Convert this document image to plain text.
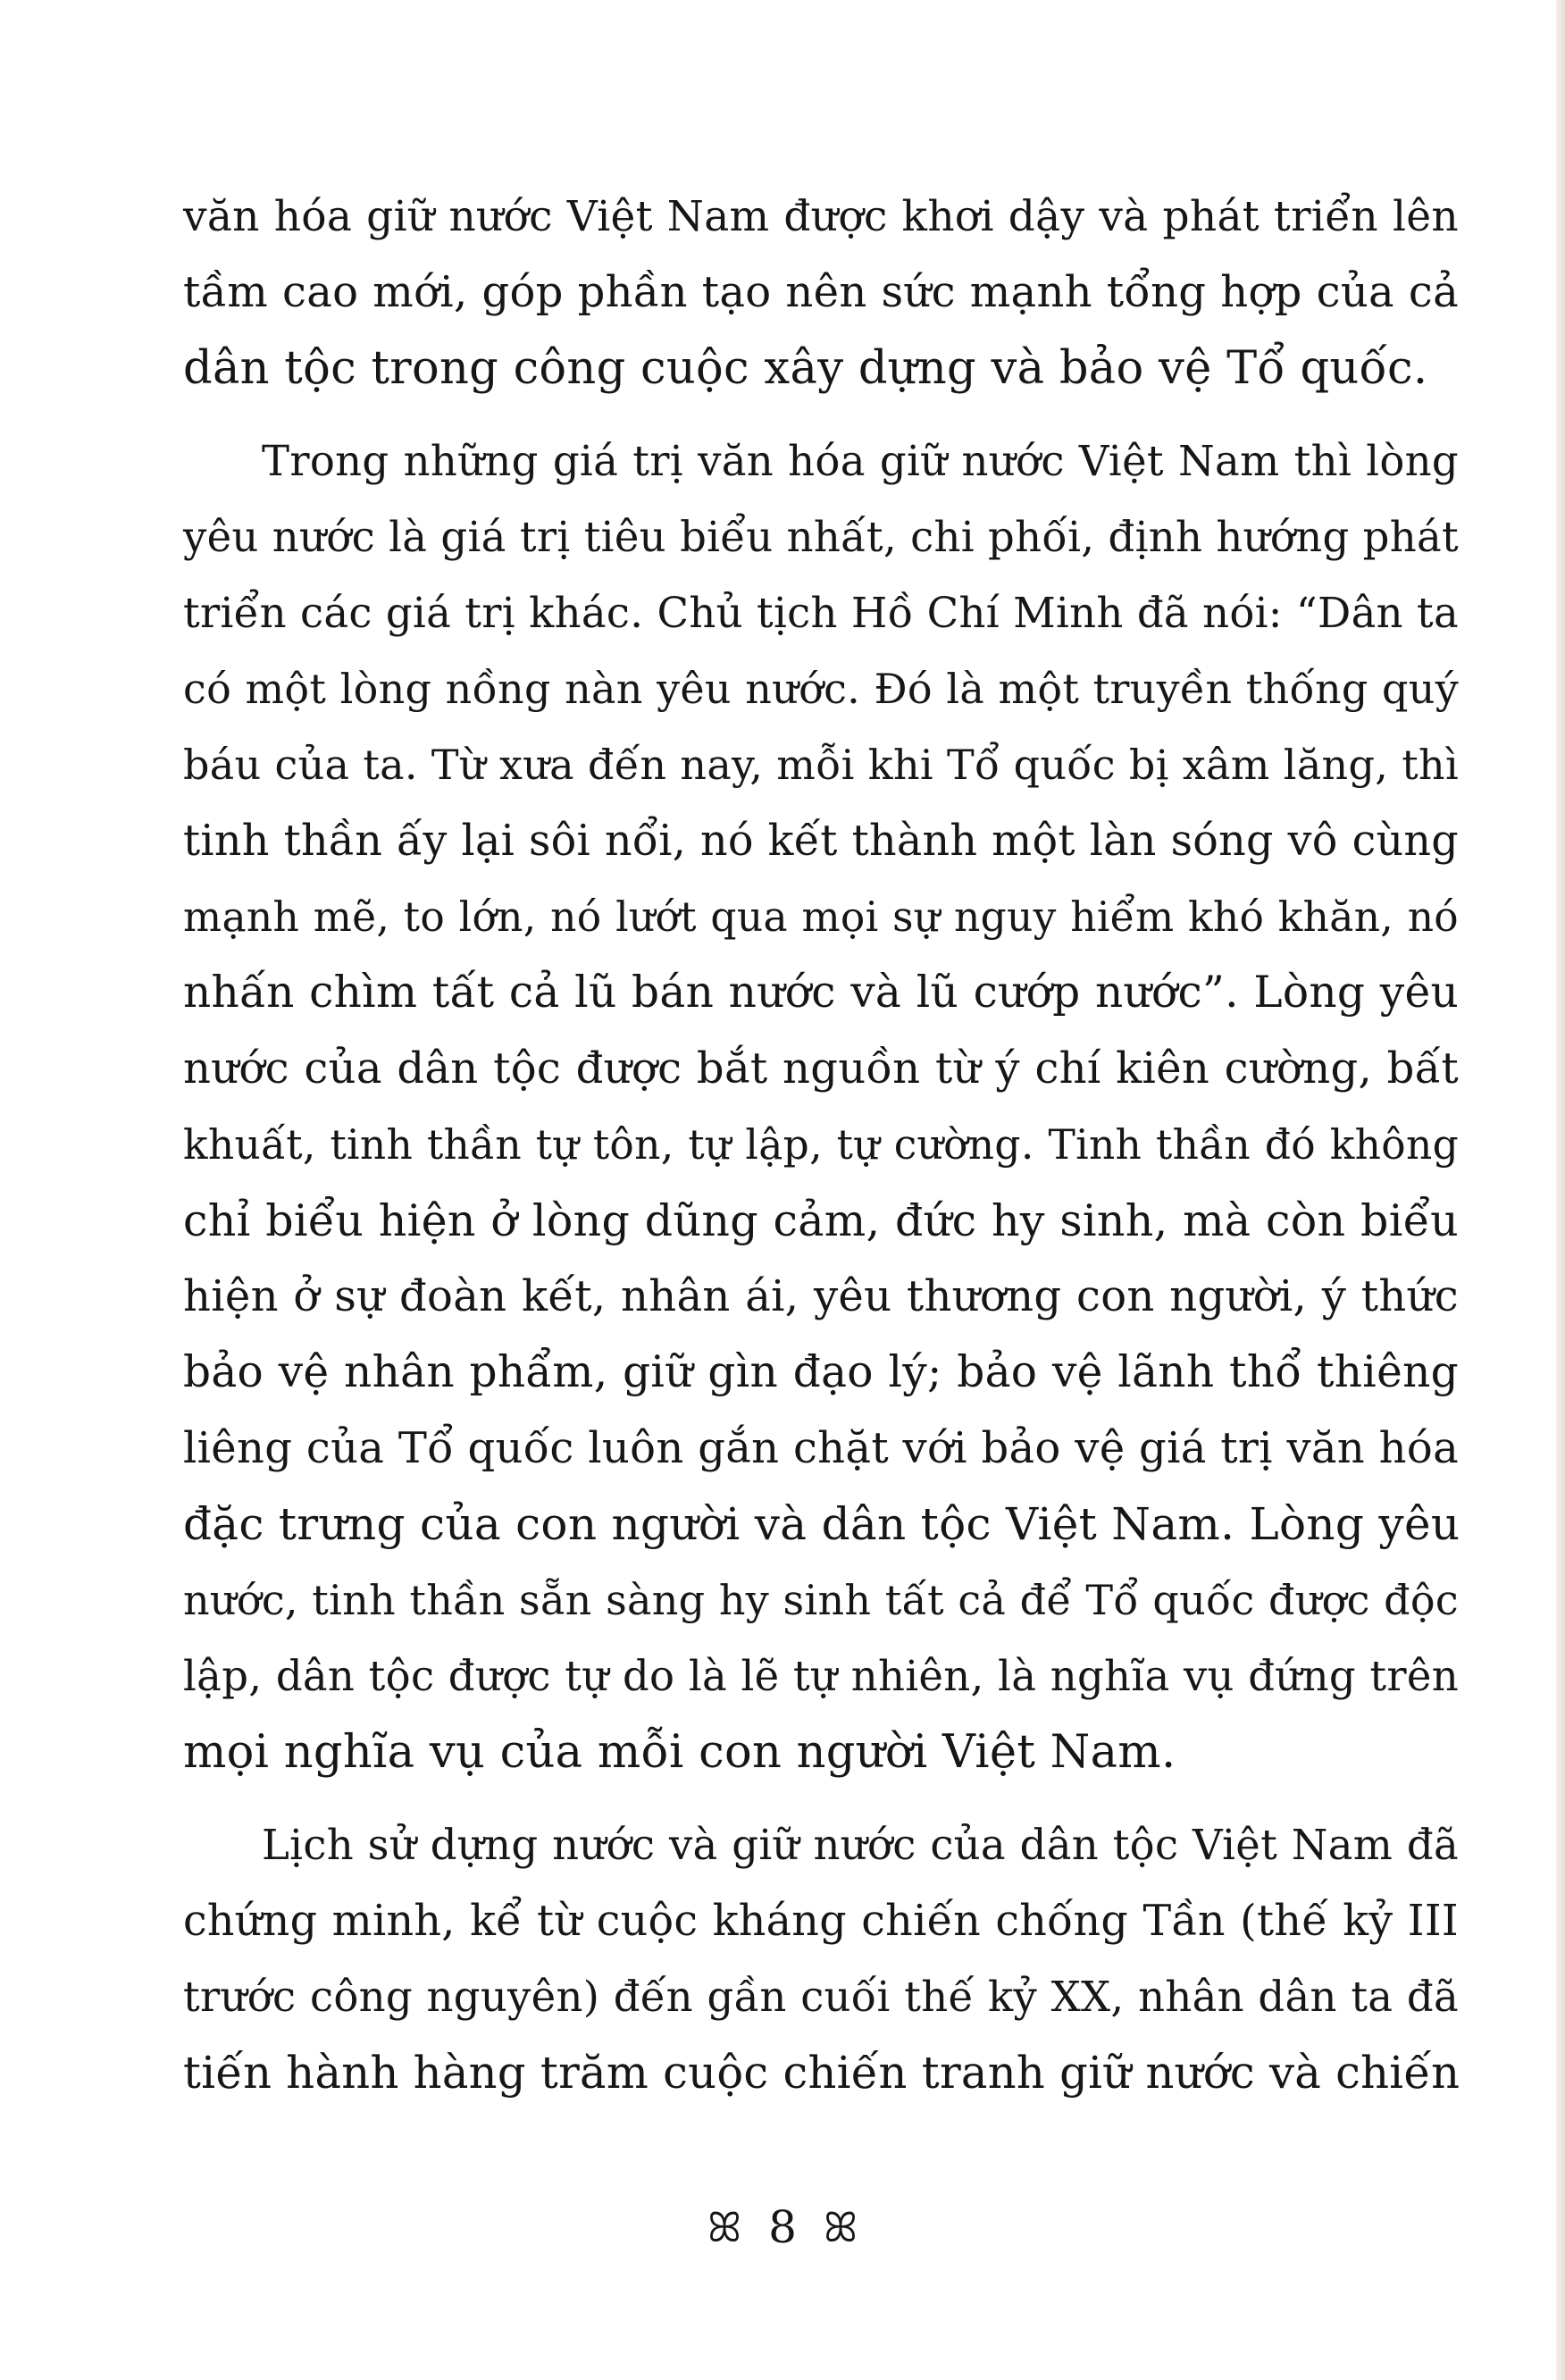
văn hóa giữ nước Việt Nam được khơi dậy và phát triển lên
tầm cao mới, góp phần tạo nên sức mạnh tổng hợp của cả
dân tộc trong công cuộc xây dựng và bảo vệ Tổ quốc.
Trong những giá trị văn hóa giữ nước Việt Nam thì lòng
yêu nước là giá trị tiêu biểu nhất, chi phối, định hướng phát
triển các giá trị khác. Chủ tịch Hồ Chí Minh đã nói: “Dân ta
có một lòng nồng nàn yêu nước. Đó là một truyền thống quý
báu của ta. Từ xưa đến nay, mỗi khi Tổ quốc bị xâm lăng, thì
tinh thần ấy lại sôi nổi, nó kết thành một làn sóng vô cùng
mạnh mẽ, to lớn, nó lướt qua mọi sự nguy hiểm khó khăn, nó
nhấn chìm tất cả lũ bán nước và lũ cướp nước”. Lòng yêu
nước của dân tộc được bắt nguồn từ ý chí kiên cường, bất
khuất, tinh thần tự tôn, tự lập, tự cường. Tinh thần đó không
chỉ biểu hiện ở lòng dũng cảm, đức hy sinh, mà còn biểu
hiện ở sự đoàn kết, nhân ái, yêu thương con người, ý thức
bảo vệ nhân phẩm, giữ gìn đạo lý; bảo vệ lãnh thổ thiêng
liêng của Tổ quốc luôn gắn chặt với bảo vệ giá trị văn hóa
đặc trưng của con người và dân tộc Việt Nam. Lòng yêu
nước, tinh thần sẵn sàng hy sinh tất cả để Tổ quốc được độc
lập, dân tộc được tự do là lẽ tự nhiên, là nghĩa vụ đứng trên
mọi nghĩa vụ của mỗi con người Việt Nam.
Lịch sử dựng nước và giữ nước của dân tộc Việt Nam đã
chứng minh, kể từ cuộc kháng chiến chống Tần (thế kỷ III
trước công nguyên) đến gần cuối thế kỷ XX, nhân dân ta đã
tiến hành hàng trăm cuộc chiến tranh giữ nước và chiến
ꕤ 8 ꕤ
